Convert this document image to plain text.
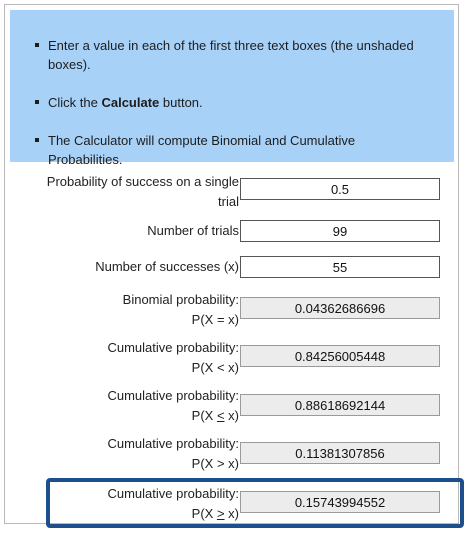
Enter a value in each of the first three text boxes (the unshaded boxes).
Click the Calculate button.
The Calculator will compute Binomial and Cumulative Probabilities.
Probability of success on a single
trial
0.5
Number of trials
99
Number of successes (x)
55
Binomial probability:
P(X = x)
0.04362686696
Cumulative probability:
P(X < x)
0.84256005448
Cumulative probability:
P(X < x)
0.88618692144
Cumulative probability:
P(X > x)
0.11381307856
Cumulative probability:
P(X > x)
0.15743994552
